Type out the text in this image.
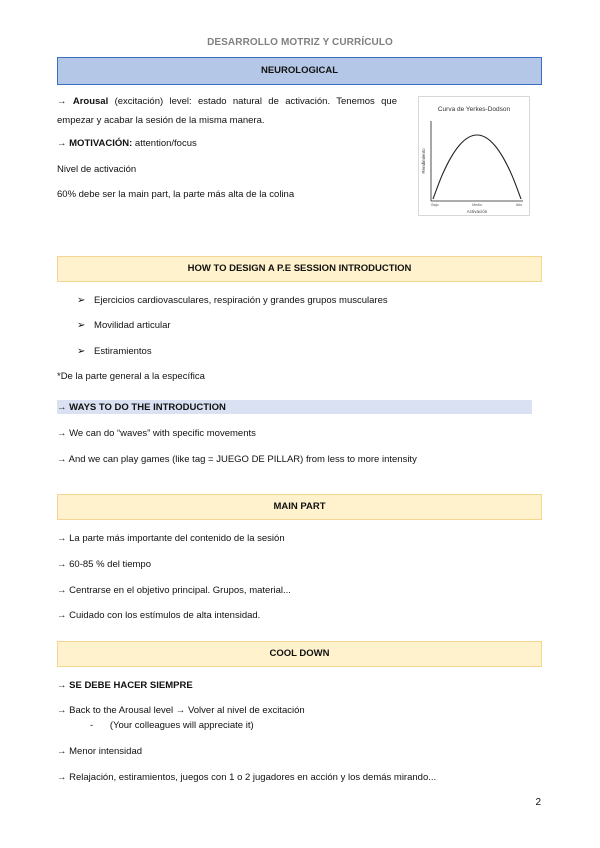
DESARROLLO MOTRIZ Y CURRÍCULO
NEUROLOGICAL
→ Arousal (excitación) level: estado natural de activación. Tenemos que empezar y acabar la sesión de la misma manera.
→ MOTIVACIÓN: attention/focus
Nivel de activación
60% debe ser la main part, la parte más alta de la colina
Curva de Yerkes-Dodson
Rendimiento
Activación
Bajo	Medio	Alto
HOW TO DESIGN A P.E SESSION INTRODUCTION
➢ Ejercicios cardiovasculares, respiración y grandes grupos musculares
➢ Movilidad articular
➢ Estiramientos
*De la parte general a la específica
→ WAYS TO DO THE INTRODUCTION
→ We can do “waves” with specific movements
→ And we can play games (like tag = JUEGO DE PILLAR) from less to more intensity
MAIN PART
→ La parte más importante del contenido de la sesión
→ 60-85 % del tiempo
→ Centrarse en el objetivo principal. Grupos, material...
→ Cuidado con los estímulos de alta intensidad.
COOL DOWN
→ SE DEBE HACER SIEMPRE
→ Back to the Arousal level → Volver al nivel de excitación
- (Your colleagues will appreciate it)
→ Menor intensidad
→ Relajación, estiramientos, juegos con 1 o 2 jugadores en acción y los demás mirando...
2
